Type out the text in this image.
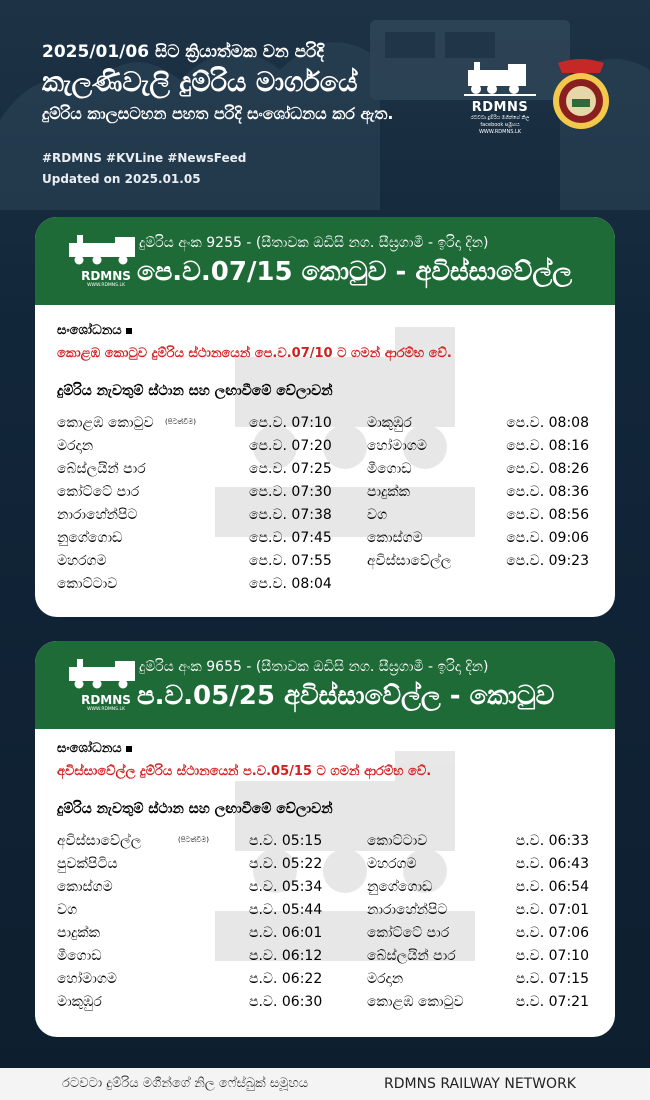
2025/01/06 සිට ක්‍රියාත්මක වන පරිදි
කැලණිවැලි දුම්රිය මාර්ගයේ
දුම්රිය කාලසටහන පහත පරිදි සංශෝධනය කර ඇත.
#RDMNS #KVLine #NewsFeed
Updated on 2025.01.05
RDMNS
රටවටා දුම්රිය මගීන්ගේ නිල facebook සමූහය
WWW.RDMNS.LK
RDMNS
WWW.RDMNS.LK
දුම්රිය අංක 9255 - (සීතාවක ඔඩිසි නග. සීඝ්‍රගාමී - ඉරිදා දින)
පෙ.ව.07/15 කොටුව - අවිස්සාවේල්ල
සංශෝධනය
කොළඹ කොටුව දුම්රිය ස්ථානයෙන් පෙ.ව.07/10 ට ගමන් ආරම්භ වේ.
දුම්රිය නැවතුම් ස්ථාන සහ ලඟාවීමේ වේලාවන්
කොළඹ කොටුව (පිටත්වීම)	පෙ.ව. 07:10	මාකුඹුර	පෙ.ව. 08:08
මරදාන	පෙ.ව. 07:20	හෝමාගම	පෙ.ව. 08:16
බේස්ලයින් පාර	පෙ.ව. 07:25	මීගොඩ	පෙ.ව. 08:26
කෝට්ටේ පාර	පෙ.ව. 07:30	පාදුක්ක	පෙ.ව. 08:36
නාරාහේන්පිට	පෙ.ව. 07:38	වග	පෙ.ව. 08:56
නුගේගොඩ	පෙ.ව. 07:45	කොස්ගම	පෙ.ව. 09:06
මහරගම	පෙ.ව. 07:55	අවිස්සාවේල්ල	පෙ.ව. 09:23
කොට්ටාව	පෙ.ව. 08:04
RDMNS
WWW.RDMNS.LK
දුම්රිය අංක 9655 - (සීතාවක ඔඩිසි නග. සීඝ්‍රගාමී - ඉරිදා දින)
ප.ව.05/25 අවිස්සාවේල්ල - කොටුව
සංශෝධනය
අවිස්සාවේල්ල දුම්රිය ස්ථානයෙන් ප.ව.05/15 ට ගමන් ආරම්භ වේ.
දුම්රිය නැවතුම් ස්ථාන සහ ලඟාවීමේ වේලාවන්
අවිස්සාවේල්ල	(පිටත්වීම)	ප.ව. 05:15	කොට්ටාව	ප.ව. 06:33
පුවක්පිටිය	ප.ව. 05:22	මහරගම	ප.ව. 06:43
කොස්ගම	ප.ව. 05:34	නුගේගොඩ	ප.ව. 06:54
වග	ප.ව. 05:44	නාරාහේන්පිට	ප.ව. 07:01
පාදුක්ක	ප.ව. 06:01	කෝට්ටේ පාර	ප.ව. 07:06
මීගොඩ	ප.ව. 06:12	බේස්ලයින් පාර	ප.ව. 07:10
හෝමාගම	ප.ව. 06:22	මරදාන	ප.ව. 07:15
මාකුඹුර	ප.ව. 06:30	කොළඹ කොටුව	ප.ව. 07:21
රටවටා දුම්රිය මගීන්ගේ නිල ෆේස්බුක් සමූහය	RDMNS RAILWAY NETWORK
